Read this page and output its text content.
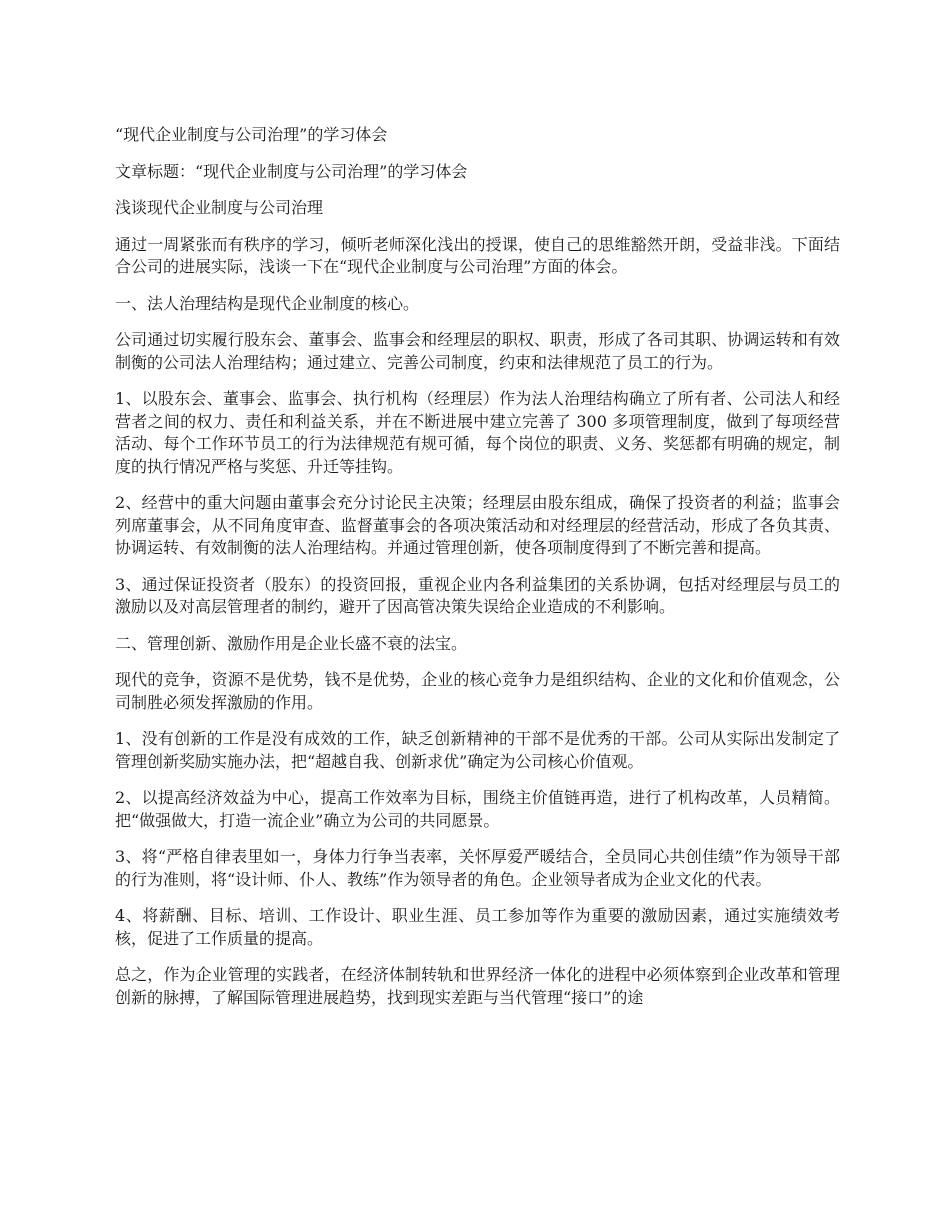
“现代企业制度与公司治理”的学习体会

文章标题：“现代企业制度与公司治理”的学习体会

浅谈现代企业制度与公司治理

通过一周紧张而有秩序的学习，倾听老师深化浅出的授课，使自己的思维豁然开朗，受益非浅。下面结合公司的进展实际，浅谈一下在“现代企业制度与公司治理”方面的体会。

一、法人治理结构是现代企业制度的核心。

公司通过切实履行股东会、董事会、监事会和经理层的职权、职责，形成了各司其职、协调运转和有效制衡的公司法人治理结构；通过建立、完善公司制度，约束和法律规范了员工的行为。

1、以股东会、董事会、监事会、执行机构（经理层）作为法人治理结构确立了所有者、公司法人和经营者之间的权力、责任和利益关系，并在不断进展中建立完善了 300 多项管理制度，做到了每项经营活动、每个工作环节员工的行为法律规范有规可循，每个岗位的职责、义务、奖惩都有明确的规定，制度的执行情况严格与奖惩、升迁等挂钩。

2、经营中的重大问题由董事会充分讨论民主决策；经理层由股东组成，确保了投资者的利益；监事会列席董事会，从不同角度审查、监督董事会的各项决策活动和对经理层的经营活动，形成了各负其责、协调运转、有效制衡的法人治理结构。并通过管理创新，使各项制度得到了不断完善和提高。

3、通过保证投资者（股东）的投资回报，重视企业内各利益集团的关系协调，包括对经理层与员工的激励以及对高层管理者的制约，避开了因高管决策失误给企业造成的不利影响。

二、管理创新、激励作用是企业长盛不衰的法宝。

现代的竞争，资源不是优势，钱不是优势，企业的核心竞争力是组织结构、企业的文化和价值观念，公司制胜必须发挥激励的作用。

1、没有创新的工作是没有成效的工作，缺乏创新精神的干部不是优秀的干部。公司从实际出发制定了管理创新奖励实施办法，把“超越自我、创新求优”确定为公司核心价值观。

2、以提高经济效益为中心，提高工作效率为目标，围绕主价值链再造，进行了机构改革，人员精简。把“做强做大，打造一流企业”确立为公司的共同愿景。

3、将“严格自律表里如一，身体力行争当表率，关怀厚爱严暖结合，全员同心共创佳绩”作为领导干部的行为准则，将“设计师、仆人、教练”作为领导者的角色。企业领导者成为企业文化的代表。

4、将薪酬、目标、培训、工作设计、职业生涯、员工参加等作为重要的激励因素，通过实施绩效考核，促进了工作质量的提高。

总之，作为企业管理的实践者，在经济体制转轨和世界经济一体化的进程中必须体察到企业改革和管理创新的脉搏，了解国际管理进展趋势，找到现实差距与当代管理“接口”的途
